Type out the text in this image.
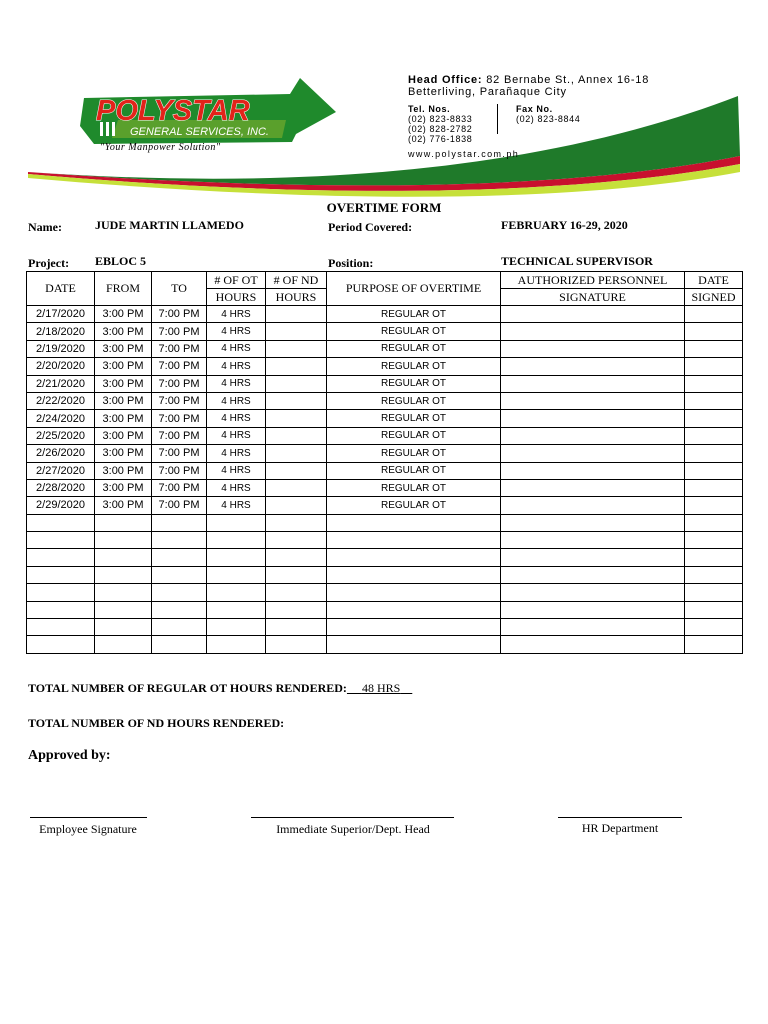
POLYSTAR
GENERAL SERVICES, INC.
"Your Manpower Solution"
Head Office: 82 Bernabe St., Annex 16-18
Betterliving, Parañaque City
Tel. Nos.
(02) 823-8833
(02) 828-2782
(02) 776-1838
Fax No.
(02) 823-8844
www.polystar.com.ph
OVERTIME FORM
Name:	JUDE MARTIN LLAMEDO	Period Covered:	FEBRUARY 16-29, 2020
Project: EBLOC 5	Position:	TECHNICAL SUPERVISOR
DATE	FROM	TO	# OF OT	# OF ND	PURPOSE OF OVERTIME	AUTHORIZED PERSONNEL	DATE
			HOURS	HOURS		SIGNATURE	SIGNED
2/17/2020	3:00 PM	7:00 PM	4 HRS		REGULAR OT		
2/18/2020	3:00 PM	7:00 PM	4 HRS		REGULAR OT		
2/19/2020	3:00 PM	7:00 PM	4 HRS		REGULAR OT		
2/20/2020	3:00 PM	7:00 PM	4 HRS		REGULAR OT		
2/21/2020	3:00 PM	7:00 PM	4 HRS		REGULAR OT		
2/22/2020	3:00 PM	7:00 PM	4 HRS		REGULAR OT		
2/24/2020	3:00 PM	7:00 PM	4 HRS		REGULAR OT		
2/25/2020	3:00 PM	7:00 PM	4 HRS		REGULAR OT		
2/26/2020	3:00 PM	7:00 PM	4 HRS		REGULAR OT		
2/27/2020	3:00 PM	7:00 PM	4 HRS		REGULAR OT		
2/28/2020	3:00 PM	7:00 PM	4 HRS		REGULAR OT		
2/29/2020	3:00 PM	7:00 PM	4 HRS		REGULAR OT		

TOTAL NUMBER OF REGULAR OT HOURS RENDERED: 48 HRS
TOTAL NUMBER OF ND HOURS RENDERED:
Approved by:
Employee Signature	Immediate Superior/Dept. Head	HR Department
